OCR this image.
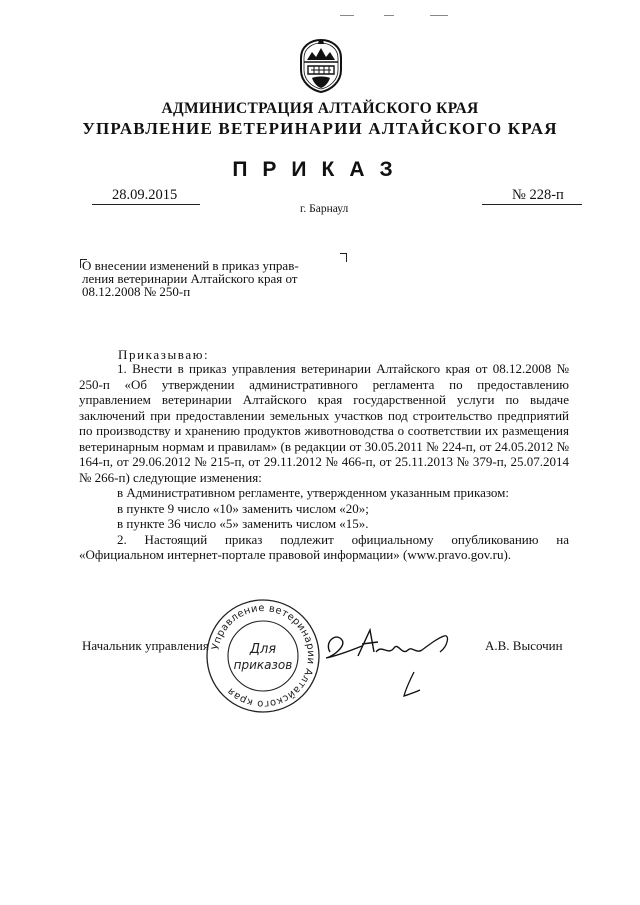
АДМИНИСТРАЦИЯ АЛТАЙСКОГО КРАЯ
УПРАВЛЕНИЕ ВЕТЕРИНАРИИ АЛТАЙСКОГО КРАЯ
ПРИКАЗ
28.09.2015	№ 228-п
г. Барнаул
О внесении изменений в приказ управ-
ления ветеринарии Алтайского края от
08.12.2008 № 250-п
Приказываю:

1. Внести в приказ управления ветеринарии Алтайского края от 08.12.2008 № 250-п «Об утверждении административного регламента по предоставлению управлением ветеринарии Алтайского края государственной услуги по выдаче заключений при предоставлении земельных участков под строительство предприятий по производству и хранению продуктов животноводства о соответствии их размещения ветеринарным нормам и правилам» (в редакции от 30.05.2011 № 224-п, от 24.05.2012 № 164-п, от 29.06.2012 № 215-п, от 29.11.2012 № 466-п, от 25.11.2013 № 379-п, 25.07.2014 № 266-п) следующие изменения:

в Административном регламенте, утвержденном указанным приказом:

в пункте 9 число «10» заменить числом «20»;

в пункте 36 число «5» заменить числом «15».

2. Настоящий приказ подлежит официальному опубликованию на «Официальном интернет-портале правовой информации» (www.pravo.gov.ru).

Начальник управления Управление ветеринарии Алтайского края
Для
приказов
А.В. Высочин
